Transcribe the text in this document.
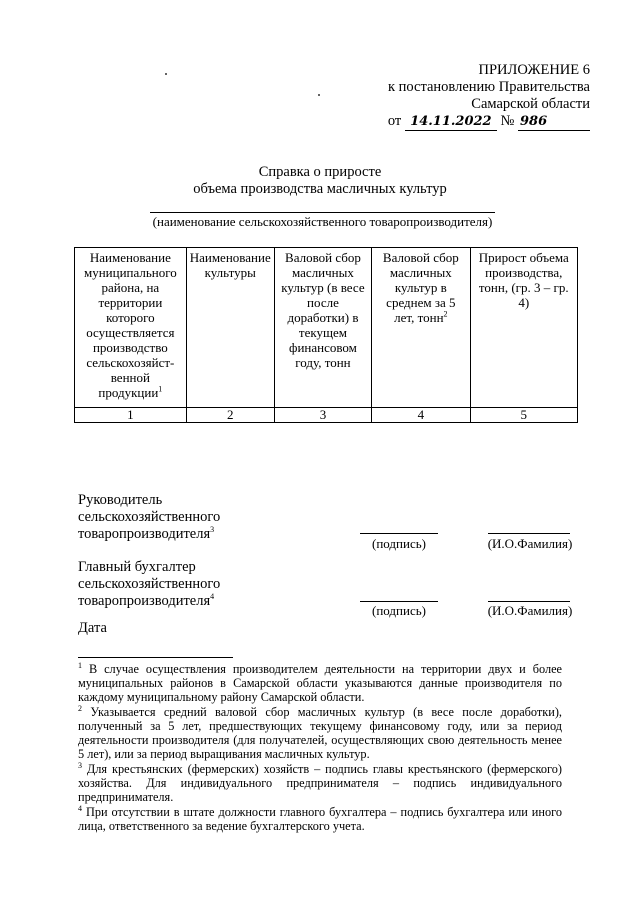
ПРИЛОЖЕНИЕ 6
к постановлению Правительства
Самарской области
от 14.11.2022 № 986
Справка о приросте
объема производства масличных культур
(наименование сельскохозяйственного товаропроизводителя)
Наименование муниципального района, на территории которого осуществляется производство сельскохозяйст-венной продукции$^1$	Наименование культуры	Валовой сбор масличных культур (в весе после доработки) в текущем финансовом году, тонн	Валовой сбор масличных культур в среднем за 5 лет, тонн$^2$	Прирост объема производства, тонн, (гр. 3 – гр. 4)
1	2	3	4	5
Руководитель
сельскохозяйственного
товаропроизводителя$^3$
(подпись)	(И.О.Фамилия)
Главный бухгалтер
сельскохозяйственного
товаропроизводителя$^4$
(подпись)	(И.О.Фамилия)
Дата

$^1$ В случае осуществления производителем деятельности на территории двух и более муниципальных районов в Самарской области указываются данные производителя по каждому муниципальному району Самарской области.

$^2$ Указывается средний валовой сбор масличных культур (в весе после доработки), полученный за 5 лет, предшествующих текущему финансовому году, или за период деятельности производителя (для получателей, осуществляющих свою деятельность менее 5 лет), или за период выращивания масличных культур.

$^3$ Для крестьянских (фермерских) хозяйств – подпись главы крестьянского (фермерского) хозяйства. Для индивидуального предпринимателя – подпись индивидуального предпринимателя.

$^4$ При отсутствии в штате должности главного бухгалтера – подпись бухгалтера или иного лица, ответственного за ведение бухгалтерского учета.
